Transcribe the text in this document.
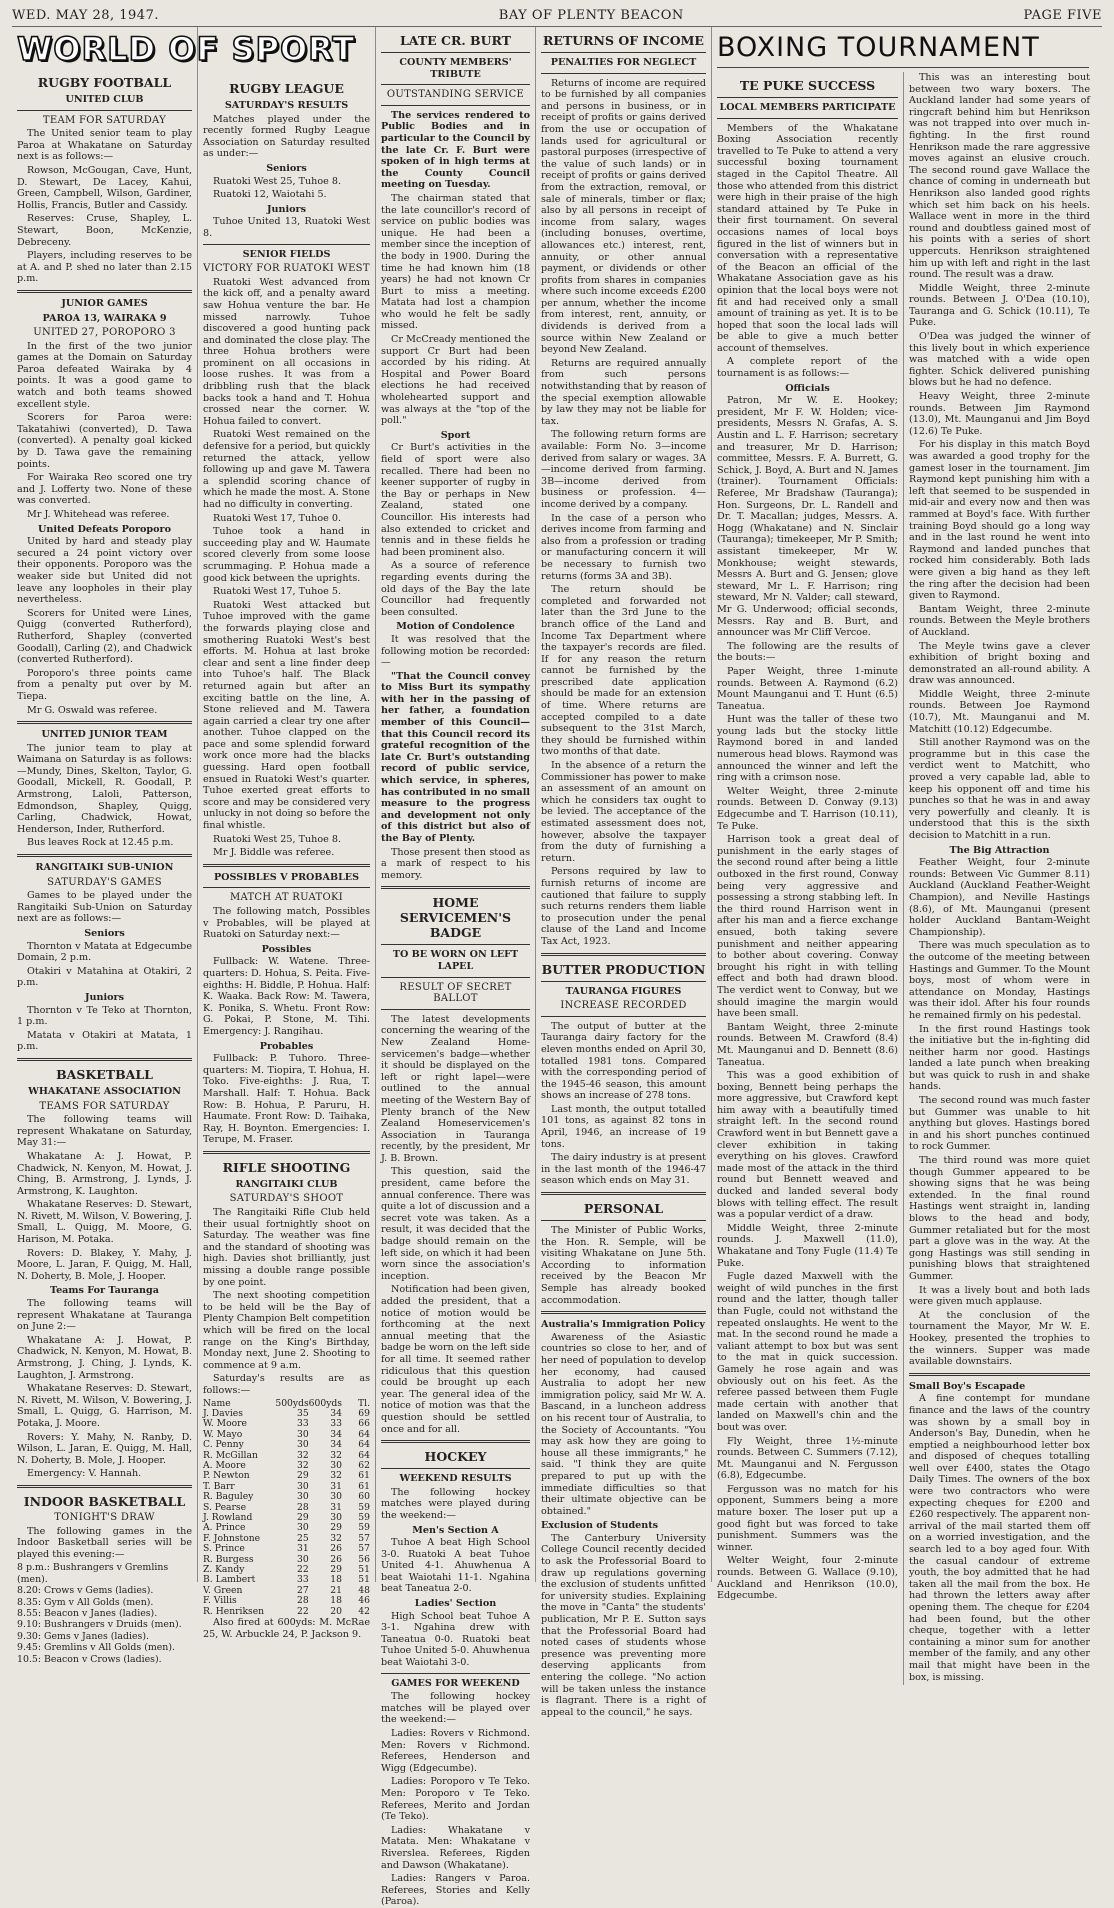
WED. MAY 28, 1947.	BAY OF PLENTY BEACON	PAGE FIVE
WORLD OF SPORT
RUGBY FOOTBALL
UNITED CLUB
TEAM FOR SATURDAY

The United senior team to play Paroa at Whakatane on Saturday next is as follows:—

Rowson, McGougan, Cave, Hunt, D. Stewart, De Lacey, Kahui, Green, Campbell, Wilson, Gardiner, Hollis, Francis, Butler and Cassidy.

Reserves: Cruse, Shapley, L. Stewart, Boon, McKenzie, Debreceny.

Players, including reserves to be at A. and P. shed no later than 2.15 p.m.

JUNIOR GAMES
PAROA 13, WAIRAKA 9
UNITED 27, POROPORO 3

In the first of the two junior games at the Domain on Saturday Paroa defeated Wairaka by 4 points. It was a good game to watch and both teams showed excellent style.

Scorers for Paroa were: Takatahiwi (converted), D. Tawa (converted). A penalty goal kicked by D. Tawa gave the remaining points.

For Wairaka Reo scored one try and J. Lofferty two. None of these was converted.

Mr J. Whitehead was referee.

United Defeats Poroporo

United by hard and steady play secured a 24 point victory over their opponents. Poroporo was the weaker side but United did not leave any loopholes in their play nevertheless.

Scorers for United were Lines, Quigg (converted Rutherford), Rutherford, Shapley (converted Goodall), Carling (2), and Chadwick (converted Rutherford).

Poroporo's three points came from a penalty put over by M. Tiepa.

Mr G. Oswald was referee.

UNITED JUNIOR TEAM

The junior team to play at Waimana on Saturday is as follows:—Mundy, Dines, Skelton, Taylor, G. Goodall, Mickell, R. Goodall, P. Armstrong, Laloli, Patterson, Edmondson, Shapley, Quigg, Carling, Chadwick, Howat, Henderson, Inder, Rutherford.

Bus leaves Rock at 12.45 p.m.

RANGITAIKI SUB-UNION
SATURDAY'S GAMES

Games to be played under the Rangitaiki Sub-Union on Saturday next are as follows:—

Seniors

Thornton v Matata at Edgecumbe Domain, 2 p.m.

Otakiri v Matahina at Otakiri, 2 p.m.

Juniors

Thornton v Te Teko at Thornton, 1 p.m.

Matata v Otakiri at Matata, 1 p.m.

BASKETBALL
WHAKATANE ASSOCIATION
TEAMS FOR SATURDAY

The following teams will represent Whakatane on Saturday, May 31:—

Whakatane A: J. Howat, P. Chadwick, N. Kenyon, M. Howat, J. Ching, B. Armstrong, J. Lynds, J. Armstrong, K. Laughton.

Whakatane Reserves: D. Stewart, N. Rivett, M. Wilson, V. Bowering, J. Small, L. Quigg, M. Moore, G. Harison, M. Potaka.

Rovers: D. Blakey, Y. Mahy, J. Moore, L. Jaran, F. Quigg, M. Hall, N. Doherty, B. Mole, J. Hooper.

Teams For Tauranga

The following teams will represent Whakatane at Tauranga on June 2:—

Whakatane A: J. Howat, P. Chadwick, N. Kenyon, M. Howat, B. Armstrong, J. Ching, J. Lynds, K. Laughton, J. Armstrong.

Whakatane Reserves: D. Stewart, N. Rivett, M. Wilson, V. Bowering, J. Small, L. Quigg, G. Harrison, M. Potaka, J. Moore.

Rovers: Y. Mahy, N. Ranby, D. Wilson, L. Jaran, E. Quigg, M. Hall, N. Doherty, B. Mole, J. Hooper.

Emergency: V. Hannah.

INDOOR BASKETBALL
TONIGHT'S DRAW

The following games in the Indoor Basketball series will be played this evening:—

8 p.m.: Bushrangers v Gremlins (men).
8.20: Crows v Gems (ladies).
8.35: Gym v All Golds (men).
8.55: Beacon v Janes (ladies).
9.10: Bushrangers v Druids (men).
9.30: Gems v Janes (ladies).
9.45: Gremlins v All Golds (men).
10.5: Beacon v Crows (ladies).
RUGBY LEAGUE
SATURDAY'S RESULTS

Matches played under the recently formed Rugby League Association on Saturday resulted as under:—

Seniors

Ruatoki West 25, Tuhoe 8.

Ruatoki 12, Waiotahi 5.

Juniors

Tuhoe United 13, Ruatoki West 8.

SENIOR FIELDS
VICTORY FOR RUATOKI WEST

Ruatoki West advanced from the kick off, and a penalty award saw Hohua venture the bar. He missed narrowly. Tuhoe discovered a good hunting pack and dominated the close play. The three Hohua brothers were prominent on all occasions in loose rushes. It was from a dribbling rush that the black backs took a hand and T. Hohua crossed near the corner. W. Hohua failed to convert.

Ruatoki West remained on the defensive for a period, but quickly returned the attack, yellow following up and gave M. Tawera a splendid scoring chance of which he made the most. A. Stone had no difficulty in converting.

Ruatoki West 17, Tuhoe 0.

Tuhoe took a hand in succeeding play and W. Haumate scored cleverly from some loose scrummaging. P. Hohua made a good kick between the uprights.

Ruatoki West 17, Tuhoe 5.

Ruatoki West attacked but Tuhoe improved with the game the forwards playing close and smothering Ruatoki West's best efforts. M. Hohua at last broke clear and sent a line finder deep into Tuhoe's half. The Black returned again but after an exciting battle on the line, A. Stone relieved and M. Tawera again carried a clear try one after another. Tuhoe clapped on the pace and some splendid forward work once more had the blacks guessing. Hard open football ensued in Ruatoki West's quarter. Tuhoe exerted great efforts to score and may be considered very unlucky in not doing so before the final whistle.

Ruatoki West 25, Tuhoe 8.

Mr J. Biddle was referee.

POSSIBLES V PROBABLES
MATCH AT RUATOKI

The following match, Possibles v Probables, will be played at Ruatoki on Saturday next:—

Possibles

Fullback: W. Watene. Three-quarters: D. Hohua, S. Peita. Five-eighths: H. Biddle, P. Hohua. Half: K. Waaka. Back Row: M. Tawera, K. Ponika, S. Whetu. Front Row: G. Pokai, P. Stone, M. Tihi. Emergency: J. Rangihau.

Probables

Fullback: P. Tuhoro. Three-quarters: M. Tiopira, T. Hohua, H. Toko. Five-eighths: J. Rua, T. Marshall. Half: T. Hohua. Back Row: B. Hohua, P. Paruru, H. Haumate. Front Row: D. Taihaka, Ray, H. Boynton. Emergencies: I. Terupe, M. Fraser.

RIFLE SHOOTING
RANGITAIKI CLUB
SATURDAY'S SHOOT

The Rangitaiki Rifle Club held their usual fortnightly shoot on Saturday. The weather was fine and the standard of shooting was high. Davies shot brilliantly, just missing a double range possible by one point.

The next shooting competition to be held will be the Bay of Plenty Champion Belt competition which will be fired on the local range on the King's Birthday, Monday next, June 2. Shooting to commence at 9 a.m.

Saturday's results are as follows:—

Name	500yds	600yds	Tl.
J. Davies	35	34	69
W. Moore	33	33	66
W. Mayo	30	34	64
C. Penny	30	34	64
R. McGillan	32	32	64
A. Moore	32	30	62
P. Newton	29	32	61
T. Barr	30	31	61
R. Baguley	30	30	60
S. Pearse	28	31	59
J. Rowland	29	30	59
A. Prince	30	29	59
F. Johnstone	25	32	57
S. Prince	31	26	57
R. Burgess	30	26	56
Z. Kandy	22	29	51
B. Lambert	33	18	51
V. Green	27	21	48
F. Villis	28	18	46
R. Henriksen	22	20	42

Also fired at 600yds: M. McRae 25, W. Arbuckle 24, P. Jackson 9.

LATE CR. BURT
COUNTY MEMBERS' TRIBUTE
OUTSTANDING SERVICE

The services rendered to Public Bodies and in particular to the Council by the late Cr. F. Burt were spoken of in high terms at the County Council meeting on Tuesday.

The chairman stated that the late councillor's record of service on public bodies was unique. He had been a member since the inception of the body in 1900. During the time he had known him (18 years) he had not known Cr Burt to miss a meeting. Matata had lost a champion who would he felt be sadly missed.

Cr McCready mentioned the support Cr Burt had been accorded by his riding. At Hospital and Power Board elections he had received wholehearted support and was always at the "top of the poll."

Sport

Cr Burt's activities in the field of sport were also recalled. There had been no keener supporter of rugby in the Bay or perhaps in New Zealand, stated one Councillor. His interests had also extended to cricket and tennis and in these fields he had been prominent also.

As a source of reference regarding events during the old days of the Bay the late Councillor had frequently been consulted.

Motion of Condolence

It was resolved that the following motion be recorded:—

"That the Council convey to Miss Burt its sympathy with her in the passing of her father, a foundation member of this Council—that this Council record its grateful recognition of the late Cr. Burt's outstanding record of public service, which service, in spheres, has contributed in no small measure to the progress and development not only of this district but also of the Bay of Plenty.

Those present then stood as a mark of respect to his memory.

HOME SERVICEMEN'S BADGE
TO BE WORN ON LEFT LAPEL
RESULT OF SECRET BALLOT

The latest developments concerning the wearing of the New Zealand Home-servicemen's badge—whether it should be displayed on the left or right lapel—were outlined to the annual meeting of the Western Bay of Plenty branch of the New Zealand Homeservicemen's Association in Tauranga recently, by the president, Mr J. B. Brown.

This question, said the president, came before the annual conference. There was quite a lot of discussion and a secret vote was taken. As a result, it was decided that the badge should remain on the left side, on which it had been worn since the association's inception.

Notification had been given, added the president, that a notice of motion would be forthcoming at the next annual meeting that the badge be worn on the left side for all time. It seemed rather ridiculous that this question could be brought up each year. The general idea of the notice of motion was that the question should be settled once and for all.

HOCKEY
WEEKEND RESULTS

The following hockey matches were played during the weekend:—

Men's Section A

Tuhoe A beat High School 3-0. Ruatoki A beat Tuhoe United 4-1. Ahuwhenua A beat Waiotahi 11-1. Ngahina beat Taneatua 2-0.

Ladies' Section

High School beat Tuhoe A 3-1. Ngahina drew with Taneatua 0-0. Ruatoki beat Tuhoe United 5-0. Ahuwhenua beat Waiotahi 3-0.

GAMES FOR WEEKEND

The following hockey matches will be played over the weekend:—

Ladies: Rovers v Richmond. Men: Rovers v Richmond. Referees, Henderson and Wigg (Edgecumbe).

Ladies: Poroporo v Te Teko. Men: Poroporo v Te Teko. Referees, Merito and Jordan (Te Teko).

Ladies: Whakatane v Matata. Men: Whakatane v Riverslea. Referees, Rigden and Dawson (Whakatane).

Ladies: Rangers v Paroa. Referees, Stories and Kelly (Paroa).

RETURNS OF INCOME
PENALTIES FOR NEGLECT

Returns of income are required to be furnished by all companies and persons in business, or in receipt of profits or gains derived from the use or occupation of lands used for agricultural or pastoral purposes (irrespective of the value of such lands) or in receipt of profits or gains derived from the extraction, removal, or sale of minerals, timber or flax; also by all persons in receipt of income from salary, wages (including bonuses, overtime, allowances etc.) interest, rent, annuity, or other annual payment, or dividends or other profits from shares in companies where such income exceeds £200 per annum, whether the income from interest, rent, annuity, or dividends is derived from a source within New Zealand or beyond New Zealand.

Returns are required annually from such persons notwithstanding that by reason of the special exemption allowable by law they may not be liable for tax.

The following return forms are available: Form No. 3—income derived from salary or wages. 3A—income derived from farming. 3B—income derived from business or profession. 4—income derived by a company.

In the case of a person who derives income from farming and also from a profession or trading or manufacturing concern it will be necessary to furnish two returns (forms 3A and 3B).

The return should be completed and forwarded not later than the 3rd June to the branch office of the Land and Income Tax Department where the taxpayer's records are filed. If for any reason the return cannot be furnished by the prescribed date application should be made for an extension of time. Where returns are accepted compiled to a date subsequent to the 31st March, they should be furnished within two months of that date.

In the absence of a return the Commissioner has power to make an assessment of an amount on which he considers tax ought to be levied. The acceptance of the estimated assessment does not, however, absolve the taxpayer from the duty of furnishing a return.

Persons required by law to furnish returns of income are cautioned that failure to supply such returns renders them liable to prosecution under the penal clause of the Land and Income Tax Act, 1923.

BUTTER PRODUCTION
TAURANGA FIGURES
INCREASE RECORDED

The output of butter at the Tauranga dairy factory for the eleven months ended on April 30, totalled 1981 tons. Compared with the corresponding period of the 1945-46 season, this amount shows an increase of 278 tons.

Last month, the output totalled 101 tons, as against 82 tons in April, 1946, an increase of 19 tons.

The dairy industry is at present in the last month of the 1946-47 season which ends on May 31.

PERSONAL

The Minister of Public Works, the Hon. R. Semple, will be visiting Whakatane on June 5th. According to information received by the Beacon Mr Semple has already booked accommodation.

Australia's Immigration Policy

Awareness of the Asiastic countries so close to her, and of her need of population to develop her economy, had caused Australia to adopt her new immigration policy, said Mr W. A. Bascand, in a luncheon address on his recent tour of Australia, to the Society of Accountants. "You may ask how they are going to house all these immigrants," he said. "I think they are quite prepared to put up with the immediate difficulties so that their ultimate objective can be obtained."

Exclusion of Students

The Canterbury University College Council recently decided to ask the Professorial Board to draw up regulations governing the exclusion of students unfitted for university studies. Explaining the move in "Canta" the students' publication, Mr P. E. Sutton says that the Professorial Board had noted cases of students whose presence was preventing more deserving applicants from entering the college. "No action will be taken unless the instance is flagrant. There is a right of appeal to the council," he says.

BOXING TOURNAMENT
TE PUKE SUCCESS
LOCAL MEMBERS PARTICIPATE

Members of the Whakatane Boxing Association recently travelled to Te Puke to attend a very successful boxing tournament staged in the Capitol Theatre. All those who attended from this district were high in their praise of the high standard attained by Te Puke in their first tournament. On several occasions names of local boys figured in the list of winners but in conversation with a representative of the Beacon an official of the Whakatane Association gave as his opinion that the local boys were not fit and had received only a small amount of training as yet. It is to be hoped that soon the local lads will be able to give a much better account of themselves.

A complete report of the tournament is as follows:—

Officials

Patron, Mr W. E. Hookey; president, Mr F. W. Holden; vice-presidents, Messrs N. Grafas, A. S. Austin and L. F. Harrison; secretary and treasurer, Mr D. Harrison; committee, Messrs. F. A. Burrett, G. Schick, J. Boyd, A. Burt and N. James (trainer). Tournament Officials: Referee, Mr Bradshaw (Tauranga); Hon. Surgeons, Dr. L. Randell and Dr. T. Macallan; judges, Messrs. A. Hogg (Whakatane) and N. Sinclair (Tauranga); timekeeper, Mr P. Smith; assistant timekeeper, Mr W. Monkhouse; weight stewards, Messrs A. Burt and G. Jensen; glove steward, Mr L. F. Harrison; ring steward, Mr N. Valder; call steward, Mr G. Underwood; official seconds, Messrs. Ray and B. Burt, and announcer was Mr Cliff Vercoe.

The following are the results of the bouts:—

Paper Weight, three 1-minute rounds. Between A. Raymond (6.2) Mount Maunganui and T. Hunt (6.5) Taneatua.

Hunt was the taller of these two young lads but the stocky little Raymond bored in and landed numerous head blows. Raymond was announced the winner and left the ring with a crimson nose.

Welter Weight, three 2-minute rounds. Between D. Conway (9.13) Edgecumbe and T. Harrison (10.11), Te Puke.

Harrison took a great deal of punishment in the early stages of the second round after being a little outboxed in the first round, Conway being very aggressive and possessing a strong stabbing left. In the third round Harrison went in after his man and a fierce exchange ensued, both taking severe punishment and neither appearing to bother about covering. Conway brought his right in with telling effect and both had drawn blood. The verdict went to Conway, but we should imagine the margin would have been small.

Bantam Weight, three 2-minute rounds. Between M. Crawford (8.4) Mt. Maunganui and D. Bennett (8.6) Taneatua.

This was a good exhibition of boxing, Bennett being perhaps the more aggressive, but Crawford kept him away with a beautifully timed straight left. In the second round Crawford went in but Bennett gave a clever exhibition in taking everything on his gloves. Crawford made most of the attack in the third round but Bennett weaved and ducked and landed several body blows with telling effect. The result was a popular verdict of a draw.

Middle Weight, three 2-minute rounds. J. Maxwell (11.0), Whakatane and Tony Fugle (11.4) Te Puke.

Fugle dazed Maxwell with the weight of wild punches in the first round and the latter, though taller than Fugle, could not withstand the repeated onslaughts. He went to the mat. In the second round he made a valiant attempt to box but was sent to the mat in quick succession. Gamely he rose again and was obviously out on his feet. As the referee passed between them Fugle made certain with another that landed on Maxwell's chin and the bout was over.

Fly Weight, three 1½-minute rounds. Between C. Summers (7.12), Mt. Maunganui and N. Fergusson (6.8), Edgecumbe.

Fergusson was no match for his opponent, Summers being a more mature boxer. The loser put up a good fight but was forced to take punishment. Summers was the winner.

Welter Weight, four 2-minute rounds. Between G. Wallace (9.10), Auckland and Henrikson (10.0), Edgecumbe.

This was an interesting bout between two wary boxers. The Auckland lander had some years of ringcraft behind him but Henrikson was not trapped into over much in-fighting. In the first round Henrikson made the rare aggressive moves against an elusive crouch. The second round gave Wallace the chance of coming in underneath but Henrikson also landed good rights which set him back on his heels. Wallace went in more in the third round and doubtless gained most of his points with a series of short uppercuts. Henrikson straightened him up with left and right in the last round. The result was a draw.

Middle Weight, three 2-minute rounds. Between J. O'Dea (10.10), Tauranga and G. Schick (10.11), Te Puke.

O'Dea was judged the winner of this lively bout in which experience was matched with a wide open fighter. Schick delivered punishing blows but he had no defence.

Heavy Weight, three 2-minute rounds. Between Jim Raymond (13.0), Mt. Maunganui and Jim Boyd (12.6) Te Puke.

For his display in this match Boyd was awarded a good trophy for the gamest loser in the tournament. Jim Raymond kept punishing him with a left that seemed to be suspended in mid-air and every now and then was rammed at Boyd's face. With further training Boyd should go a long way and in the last round he went into Raymond and landed punches that rocked him considerably. Both lads were given a big hand as they left the ring after the decision had been given to Raymond.

Bantam Weight, three 2-minute rounds. Between the Meyle brothers of Auckland.

The Meyle twins gave a clever exhibition of bright boxing and demonstrated an all-round ability. A draw was announced.

Middle Weight, three 2-minute rounds. Between Joe Raymond (10.7), Mt. Maunganui and M. Matchitt (10.12) Edgecumbe.

Still another Raymond was on the programme but in this case the verdict went to Matchitt, who proved a very capable lad, able to keep his opponent off and time his punches so that he was in and away very powerfully and cleanly. It is understood that this is the sixth decision to Matchitt in a run.

The Big Attraction

Feather Weight, four 2-minute rounds: Between Vic Gummer 8.11) Auckland (Auckland Feather-Weight Champion), and Neville Hastings (8.6), of Mt. Maunganui (present holder Auckland Bantam-Weight Championship).

There was much speculation as to the outcome of the meeting between Hastings and Gummer. To the Mount boys, most of whom were in attendance on Monday, Hastings was their idol. After his four rounds he remained firmly on his pedestal.

In the first round Hastings took the initiative but the in-fighting did neither harm nor good. Hastings landed a late punch when breaking but was quick to rush in and shake hands.

The second round was much faster but Gummer was unable to hit anything but gloves. Hastings bored in and his short punches continued to rock Gummer.

The third round was more quiet though Gummer appeared to be showing signs that he was being extended. In the final round Hastings went straight in, landing blows to the head and body, Gummer retaliated but for the most part a glove was in the way. At the gong Hastings was still sending in punishing blows that straightened Gummer.

It was a lively bout and both lads were given much applause.

At the conclusion of the tournament the Mayor, Mr W. E. Hookey, presented the trophies to the winners. Supper was made available downstairs.

Small Boy's Escapade

A fine contempt for mundane finance and the laws of the country was shown by a small boy in Anderson's Bay, Dunedin, when he emptied a neighbourhood letter box and disposed of cheques totalling well over £400, states the Otago Daily Times. The owners of the box were two contractors who were expecting cheques for £200 and £260 respectively. The apparent non-arrival of the mail started them off on a worried investigation, and the search led to a boy aged four. With the casual candour of extreme youth, the boy admitted that he had taken all the mail from the box. He had thrown the letters away after opening them. The cheque for £204 had been found, but the other cheque, together with a letter containing a minor sum for another member of the family, and any other mail that might have been in the box, is missing.
